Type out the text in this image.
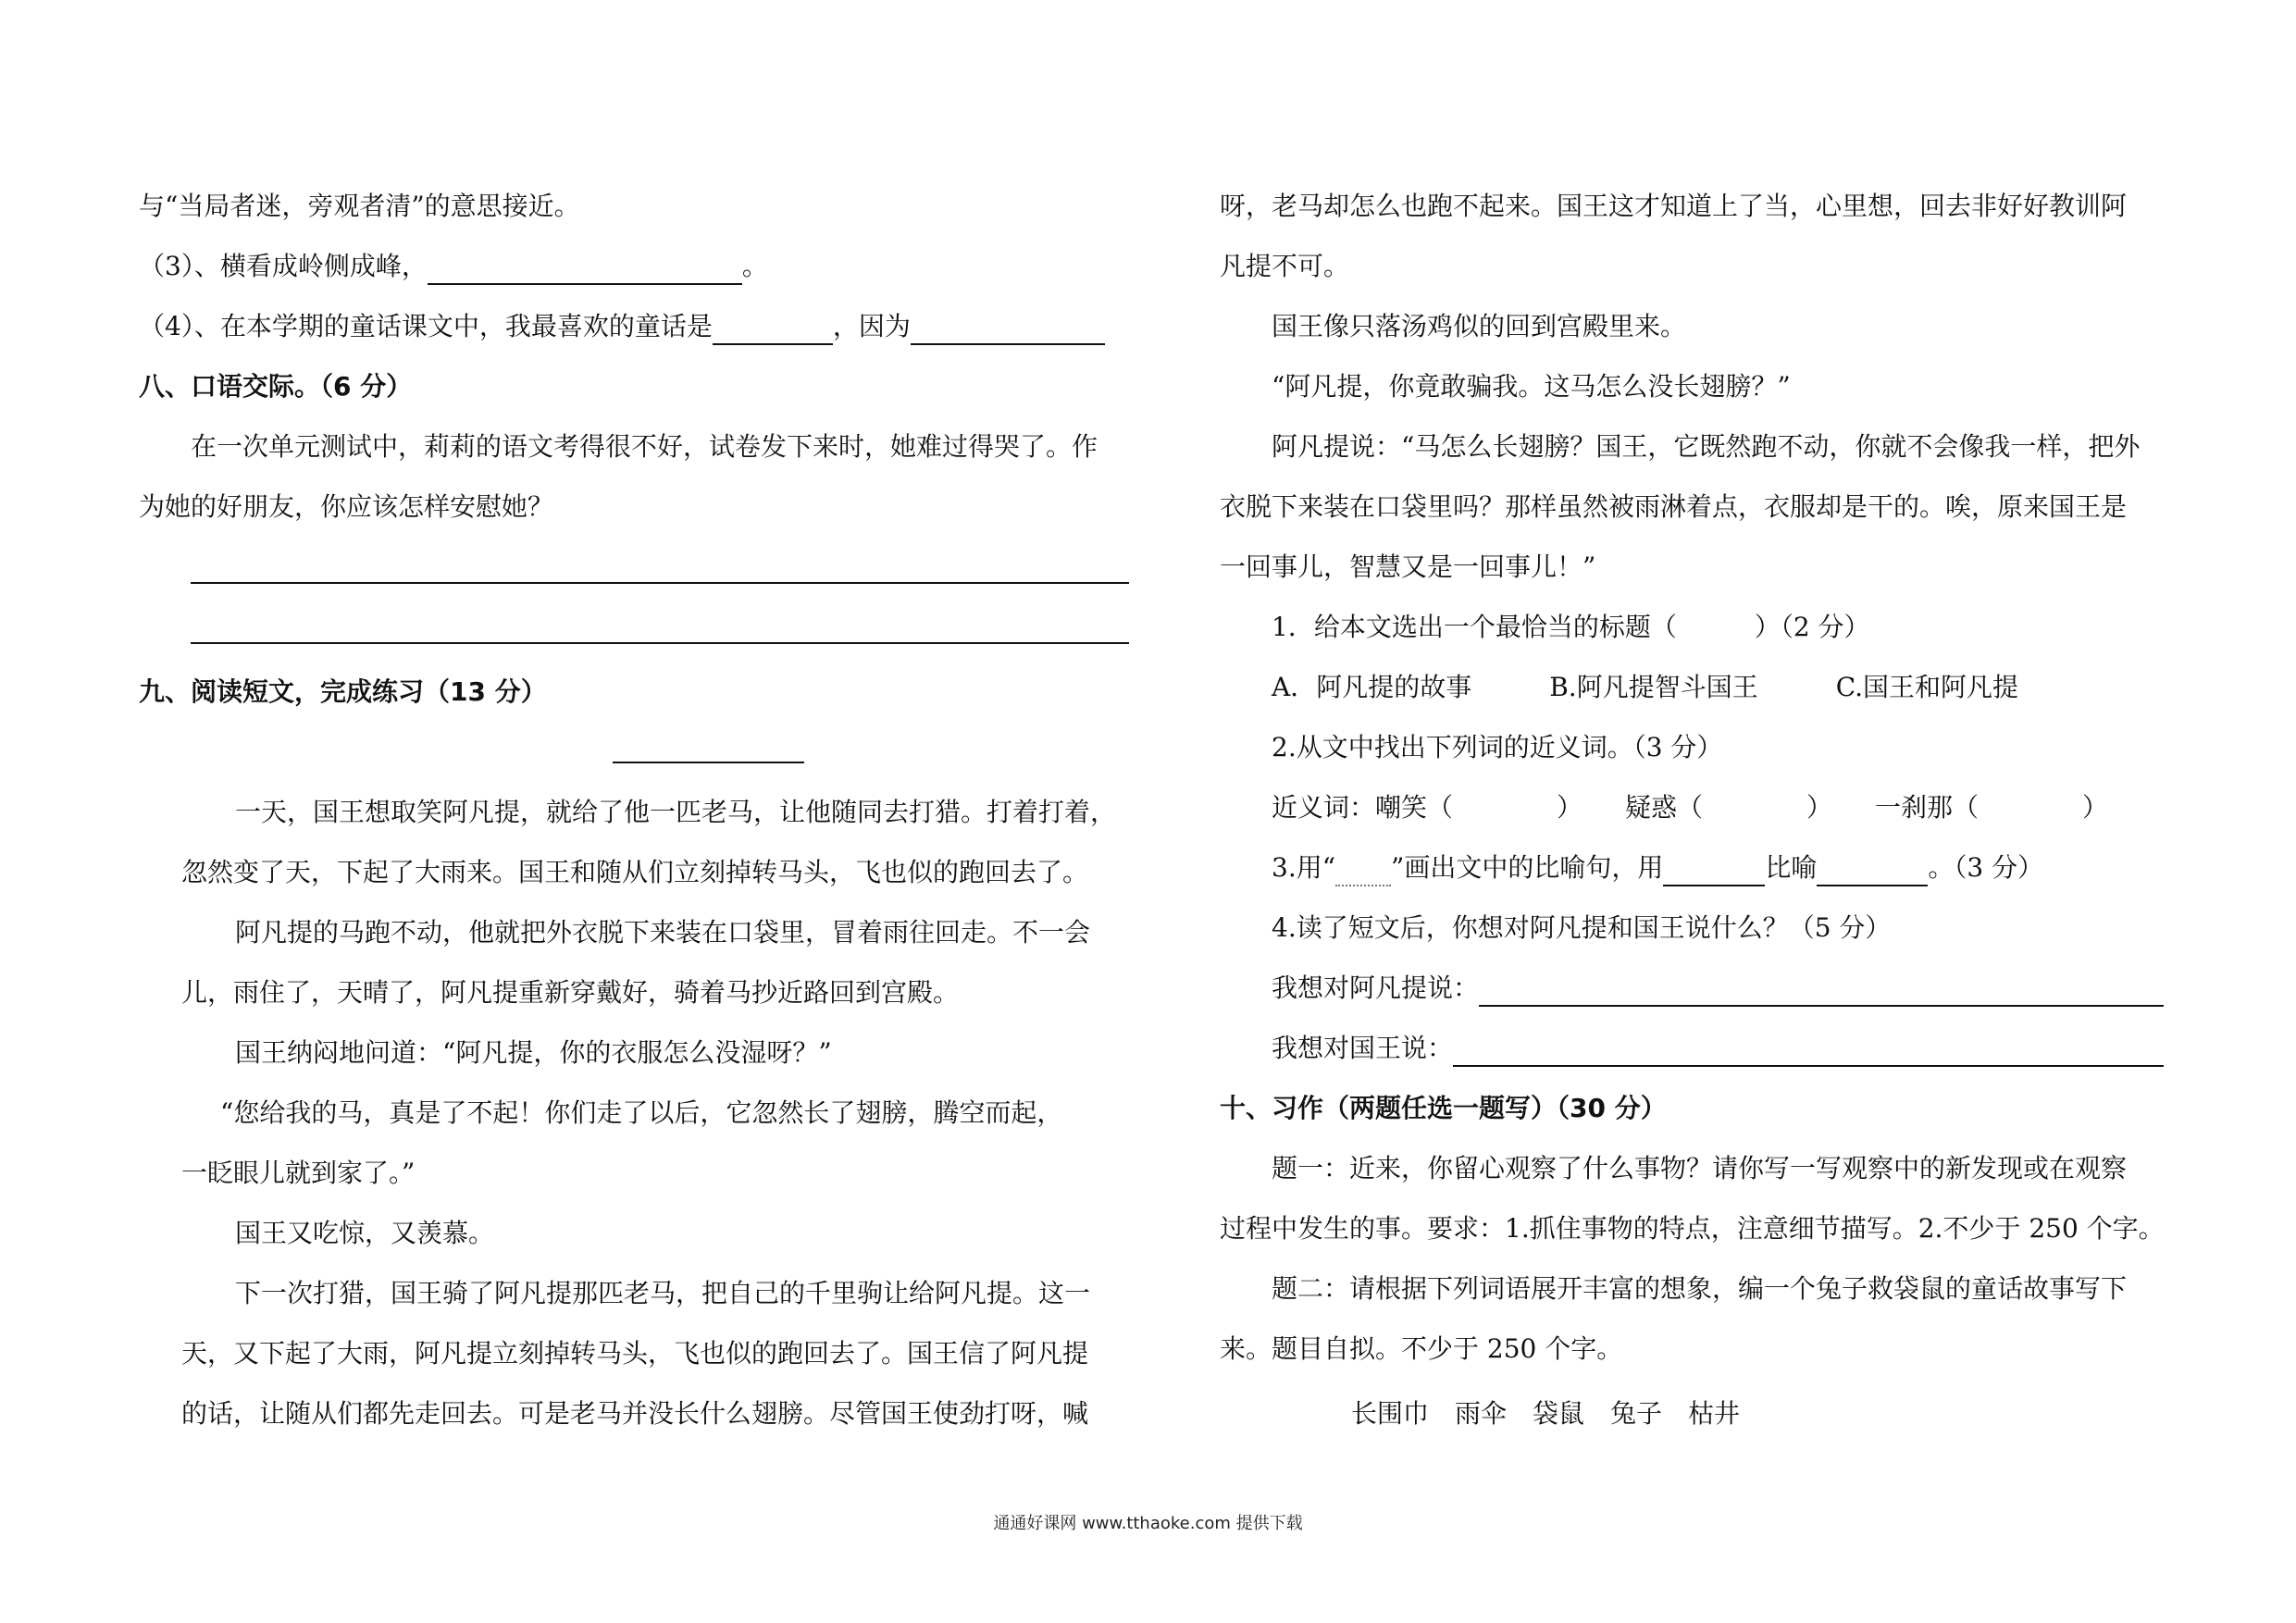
与“当局者迷，旁观者清”的意思接近。
（3）、横看成岭侧成峰，	。
（4）、在本学期的童话课文中，我最喜欢的童话是	，因为
八、口语交际。（6 分）
在一次单元测试中，莉莉的语文考得很不好，试卷发下来时，她难过得哭了。作
为她的好朋友，你应该怎样安慰她？
九、阅读短文，完成练习（13 分）
一天，国王想取笑阿凡提，就给了他一匹老马，让他随同去打猎。打着打着，
忽然变了天，下起了大雨来。国王和随从们立刻掉转马头，飞也似的跑回去了。
阿凡提的马跑不动，他就把外衣脱下来装在口袋里，冒着雨往回走。不一会
儿，雨住了，天晴了，阿凡提重新穿戴好，骑着马抄近路回到宫殿。
国王纳闷地问道：“阿凡提，你的衣服怎么没湿呀？”
“您给我的马，真是了不起！你们走了以后，它忽然长了翅膀，腾空而起，
一眨眼儿就到家了。”
国王又吃惊，又羡慕。
下一次打猎，国王骑了阿凡提那匹老马，把自己的千里驹让给阿凡提。这一
天，又下起了大雨，阿凡提立刻掉转马头，飞也似的跑回去了。国王信了阿凡提
的话，让随从们都先走回去。可是老马并没长什么翅膀。尽管国王使劲打呀，喊
呀，老马却怎么也跑不起来。国王这才知道上了当，心里想，回去非好好教训阿
凡提不可。
国王像只落汤鸡似的回到宫殿里来。
“阿凡提，你竟敢骗我。这马怎么没长翅膀？”
阿凡提说：“马怎么长翅膀？国王，它既然跑不动，你就不会像我一样，把外
衣脱下来装在口袋里吗？那样虽然被雨淋着点，衣服却是干的。唉，原来国王是
一回事儿，智慧又是一回事儿！”
1．给本文选出一个最恰当的标题（　　　）（2 分）
A．阿凡提的故事	B.阿凡提智斗国王	C.国王和阿凡提
2.从文中找出下列词的近义词。（3 分）
近义词：嘲笑（　　　　） 疑惑（　　　　） 一刹那（　　　　）
3.用“ ”画出文中的比喻句，用	比喻	。（3 分）
4.读了短文后，你想对阿凡提和国王说什么？（5 分）
我想对阿凡提说：
我想对国王说：
十、习作（两题任选一题写）（30 分）
题一：近来，你留心观察了什么事物？请你写一写观察中的新发现或在观察
过程中发生的事。要求：1.抓住事物的特点，注意细节描写。2.不少于 250 个字。
题二：请根据下列词语展开丰富的想象，编一个兔子救袋鼠的童话故事写下
来。题目自拟。不少于 250 个字。
长围巾 雨伞 袋鼠 兔子 枯井
通通好课网 www.tthaoke.com 提供下载
